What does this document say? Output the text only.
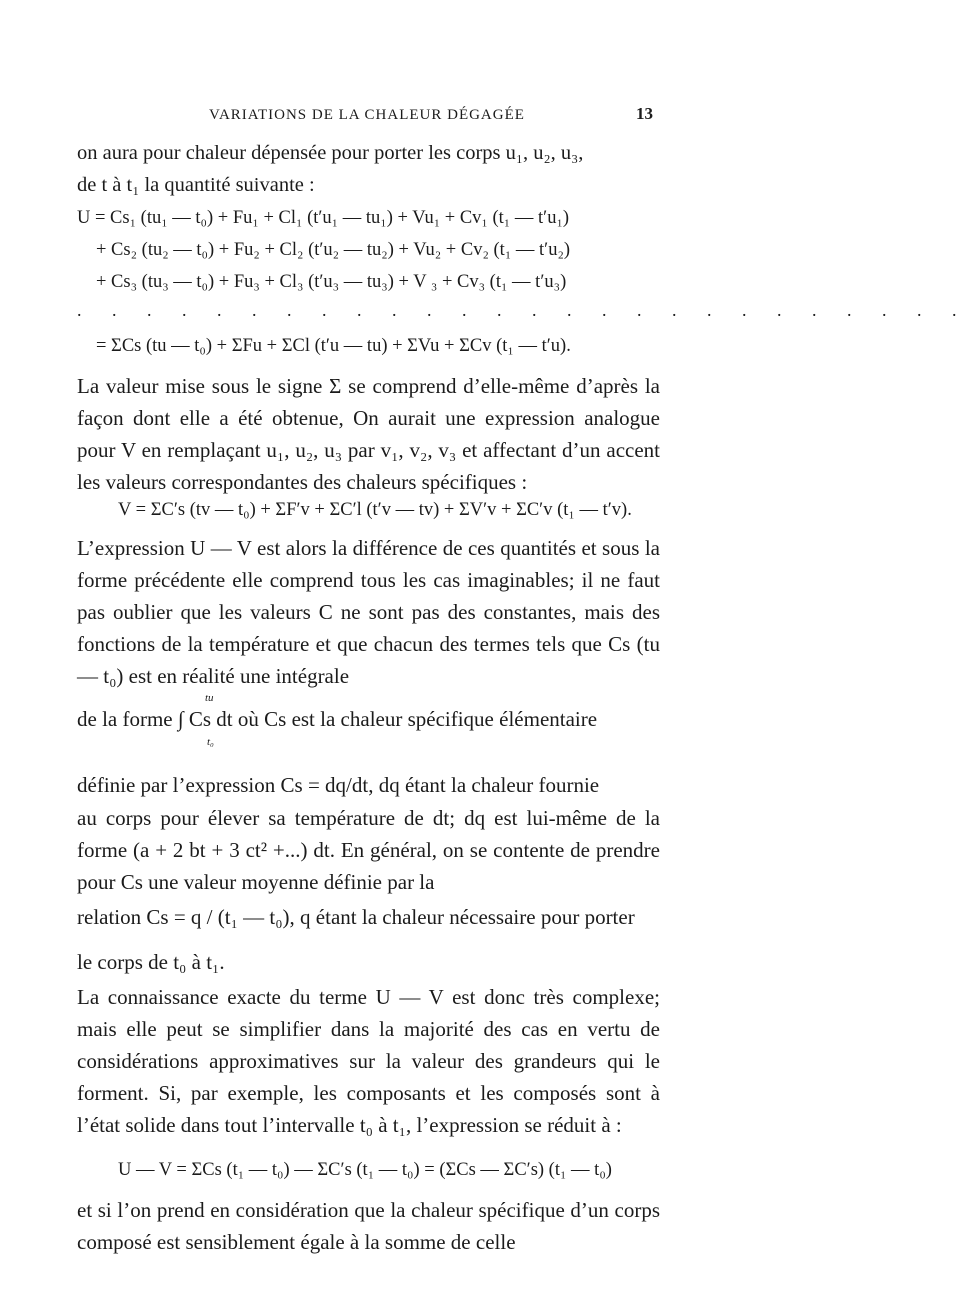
VARIATIONS DE LA CHALEUR DÉGAGÉE	13
on aura pour chaleur dépensée pour porter les corps u₁, u₂, u₃,
de t à t₁ la quantité suivante :
U = Cs₁ (tu₁ — t₀) + Fu₁ + Cl₁ (t′u₁ — tu₁) + Vu₁ + Cv₁ (t₁ — t′u₁)
+ Cs₂ (tu₂ — t₀) + Fu₂ + Cl₂ (t′u₂ — tu₂) + Vu₂ + Cv₂ (t₁ — t′u₂)
+ Cs₃ (tu₃ — t₀) + Fu₃ + Cl₃ (t′u₃ — tu₃) + V ₃ + Cv₃ (t₁ — t′u₃)
. . . . . . . . . . . . . . . . . . . . . . . . . .
= ΣCs (tu — t₀) + ΣFu + ΣCl (t′u — tu) + ΣVu + ΣCv (t₁ — t′u).
La valeur mise sous le signe Σ se comprend d’elle-même d’après la façon dont elle a été obtenue, On aurait une expression analogue pour V en remplaçant u₁, u₂, u₃ par v₁, v₂, v₃ et affectant d’un accent les valeurs correspondantes des chaleurs spécifiques :
V = ΣC′s (tv — t₀) + ΣF′v + ΣC′l (t′v — tv) + ΣV′v + ΣC′v (t₁ — t′v).
L’expression U — V est alors la différence de ces quantités et sous la forme précédente elle comprend tous les cas imaginables; il ne faut pas oublier que les valeurs C ne sont pas des constantes, mais des fonctions de la température et que chacun des termes tels que Cs (tu — t₀) est en réalité une intégrale
de la forme ∫ Cs dt où Cs est la chaleur spécifique élémentaire
tu
t₀
définie par l’expression Cs = dq/dt, dq étant la chaleur fournie
au corps pour élever sa température de dt; dq est lui-même de la forme (a + 2 bt + 3 ct² +...) dt. En général, on se contente de prendre pour Cs une valeur moyenne définie par la
relation Cs = q / (t₁ — t₀), q étant la chaleur nécessaire pour porter
le corps de t₀ à t₁.
La connaissance exacte du terme U — V est donc très complexe; mais elle peut se simplifier dans la majorité des cas en vertu de considérations approximatives sur la valeur des grandeurs qui le forment. Si, par exemple, les composants et les composés sont à l’état solide dans tout l’intervalle t₀ à t₁, l’expression se réduit à :
U — V = ΣCs (t₁ — t₀) — ΣC′s (t₁ — t₀) = (ΣCs — ΣC′s) (t₁ — t₀)
et si l’on prend en considération que la chaleur spécifique d’un corps composé est sensiblement égale à la somme de celle
